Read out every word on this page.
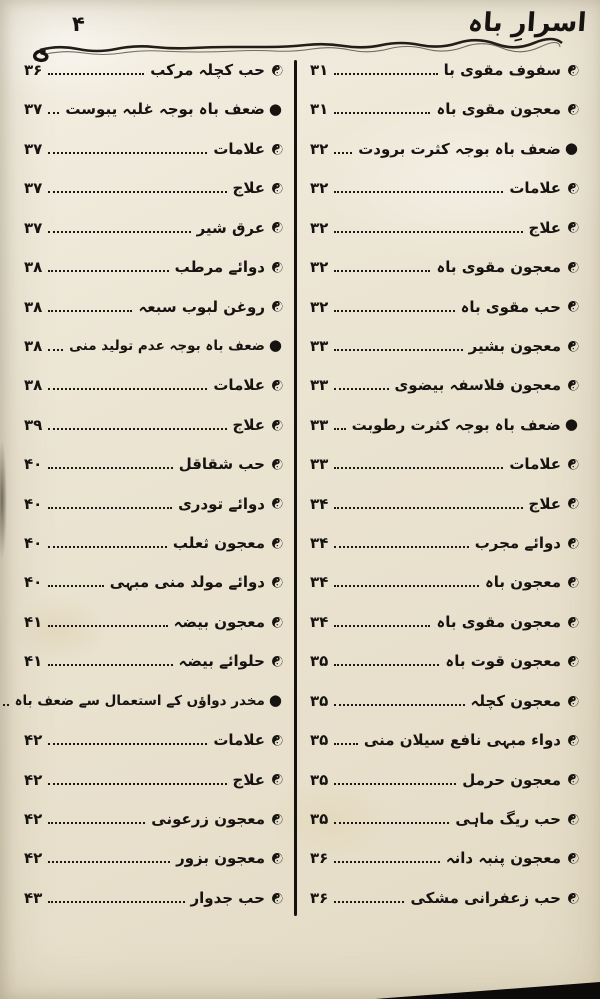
اسرارِ باہ
۴
☯
سفوف مقوی با
۳۱
☯
معجون مقوی باہ
۳۱
●
ضعف باہ بوجہ کثرت برودت
۳۲
☯
علامات
۳۲
☯
علاج
۳۲
☯
معجون مقوی باہ
۳۲
☯
حب مقوی باہ
۳۲
☯
معجون بشیر
۳۳
☯
معجون فلاسفہ بیضوی
۳۳
●
ضعف باہ بوجہ کثرت رطوبت
۳۳
☯
علامات
۳۳
☯
علاج
۳۴
☯
دوائے مجرب
۳۴
☯
معجون باہ
۳۴
☯
معجون مقوی باہ
۳۴
☯
معجون قوت باہ
۳۵
☯
معجون کچلہ
۳۵
☯
دواء مبہی نافع سیلان منی
۳۵
☯
معجون حرمل
۳۵
☯
حب ریگ ماہی
۳۵
☯
معجون پنبہ دانہ
۳۶
☯
حب زعفرانی مشکی
۳۶
☯
حب کچلہ مرکب
۳۶
●
ضعف باہ بوجہ غلبہ یبوست
۳۷
☯
علامات
۳۷
☯
علاج
۳۷
☯
عرق شیر
۳۷
☯
دوائے مرطب
۳۸
☯
روغن لبوب سبعہ
۳۸
●
ضعف باہ بوجہ عدم تولید منی
۳۸
☯
علامات
۳۸
☯
علاج
۳۹
☯
حب شقاقل
۴۰
☯
دوائے تودری
۴۰
☯
معجون ثعلب
۴۰
☯
دوائے مولد منی مبہی
۴۰
☯
معجون بیضہ
۴۱
☯
حلوائے بیضہ
۴۱
●
مخدر دواؤں کے استعمال سے ضعف باہ
☯
علامات
۴۲
☯
علاج
۴۲
☯
معجون زرعونی
۴۲
☯
معجون بزور
۴۲
☯
حب جدوار
۴۳
